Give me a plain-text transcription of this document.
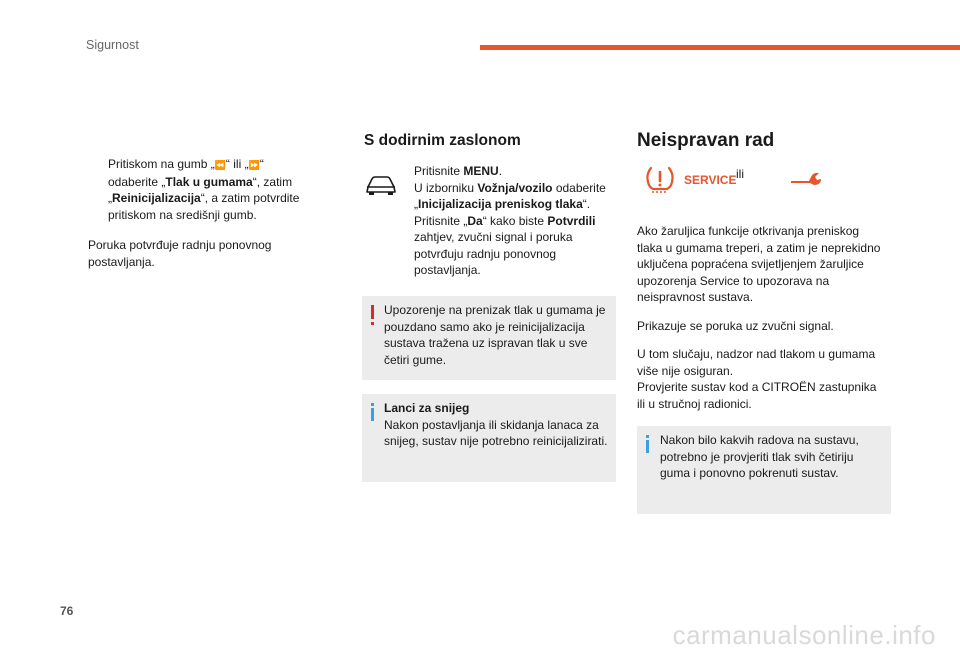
Sigurnost
Pritiskom na gumb „⏪“ ili „⏩“
odaberite „Tlak u gumama“, zatim
„Reinicijalizacija“, a zatim potvrdite
pritiskom na središnji gumb.
Poruka potvrđuje radnju ponovnog postavljanja.
S dodirnim zaslonom
Pritisnite MENU.
U izborniku Vožnja/vozilo odaberite
„Inicijalizacija preniskog tlaka“.
Pritisnite „Da“ kako biste Potvrdili
zahtjev, zvučni signal i poruka potvrđuju radnju ponovnog postavljanja.
Upozorenje na prenizak tlak u gumama je pouzdano samo ako je reinicijalizacija sustava tražena uz ispravan tlak u sve četiri gume.
Lanci za snijeg
Nakon postavljanja ili skidanja lanaca za snijeg, sustav nije potrebno reinicijalizirati.
Neispravan rad
SERVICE ili
Ako žaruljica funkcije otkrivanja preniskog tlaka u gumama treperi, a zatim je neprekidno uključena popraćena svijetljenjem žaruljice upozorenja Service to upozorava na neispravnost sustava.
Prikazuje se poruka uz zvučni signal.
U tom slučaju, nadzor nad tlakom u gumama više nije osiguran.
Provjerite sustav kod a CITROËN zastupnika ili u stručnoj radionici.
Nakon bilo kakvih radova na sustavu, potrebno je provjeriti tlak svih četiriju guma i ponovno pokrenuti sustav.
76
carmanualsonline.info
